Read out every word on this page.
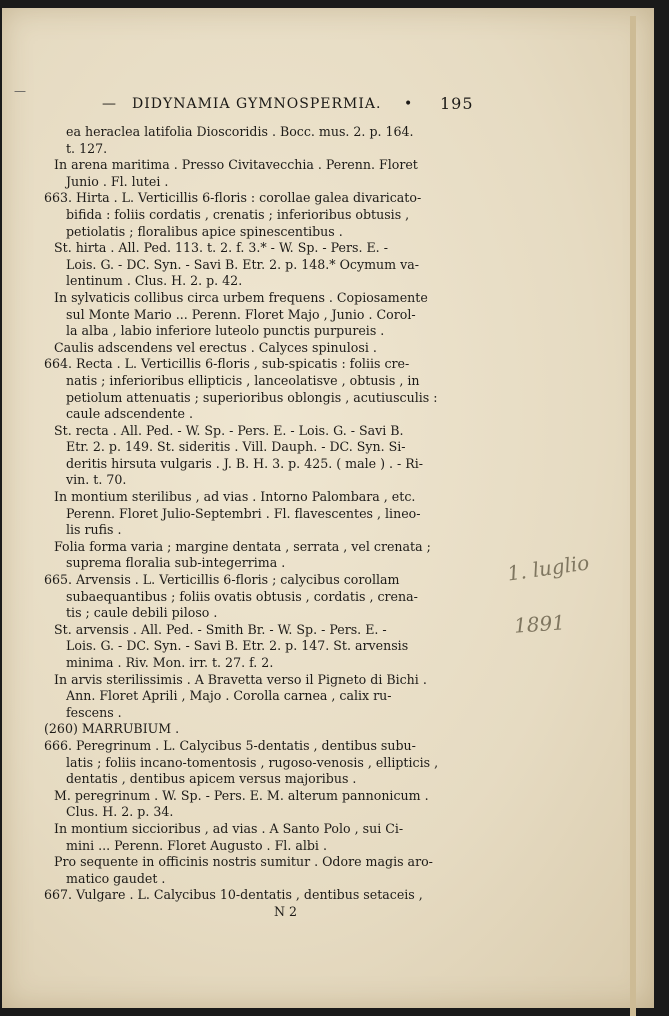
—
— DIDYNAMIA GYMNOSPERMIA. • 195
ea heraclea latifolia Dioscoridis . Bocc. mus. 2. p. 164.
t. 127.
In arena maritima . Presso Civitavecchia . Perenn. Floret
Junio . Fl. lutei .
663. Hirta . L. Verticillis 6-floris : corollae galea divaricato-
bifida : foliis cordatis , crenatis ; inferioribus obtusis ,
petiolatis ; floralibus apice spinescentibus .
St. hirta . All. Ped. 113. t. 2. f. 3.* - W. Sp. - Pers. E. -
Lois. G. - DC. Syn. - Savi B. Etr. 2. p. 148.* Ocymum va-
lentinum . Clus. H. 2. p. 42.
In sylvaticis collibus circa urbem frequens . Copiosamente
sul Monte Mario ... Perenn. Floret Majo , Junio . Corol-
la alba , labio inferiore luteolo punctis purpureis .
Caulis adscendens vel erectus . Calyces spinulosi .
664. Recta . L. Verticillis 6-floris , sub-spicatis : foliis cre-
natis ; inferioribus ellipticis , lanceolatisve , obtusis , in
petiolum attenuatis ; superioribus oblongis , acutiusculis :
caule adscendente .
St. recta . All. Ped. - W. Sp. - Pers. E. - Lois. G. - Savi B.
Etr. 2. p. 149. St. sideritis . Vill. Dauph. - DC. Syn. Si-
deritis hirsuta vulgaris . J. B. H. 3. p. 425. ( male ) . - Ri-
vin. t. 70.
In montium sterilibus , ad vias . Intorno Palombara , etc.
Perenn. Floret Julio-Septembri . Fl. flavescentes , lineo-
lis rufis .
Folia forma varia ; margine dentata , serrata , vel crenata ;
suprema floralia sub-integerrima .
665. Arvensis . L. Verticillis 6-floris ; calycibus corollam
subaequantibus ; foliis ovatis obtusis , cordatis , crena-
tis ; caule debili piloso .
St. arvensis . All. Ped. - Smith Br. - W. Sp. - Pers. E. -
Lois. G. - DC. Syn. - Savi B. Etr. 2. p. 147. St. arvensis
minima . Riv. Mon. irr. t. 27. f. 2.
In arvis sterilissimis . A Bravetta verso il Pigneto di Bichi .
Ann. Floret Aprili , Majo . Corolla carnea , calix ru-
fescens .
(260) MARRUBIUM .
666. Peregrinum . L. Calycibus 5-dentatis , dentibus subu-
latis ; foliis incano-tomentosis , rugoso-venosis , ellipticis ,
dentatis , dentibus apicem versus majoribus .
M. peregrinum . W. Sp. - Pers. E. M. alterum pannonicum .
Clus. H. 2. p. 34.
In montium siccioribus , ad vias . A Santo Polo , sui Ci-
mini ... Perenn. Floret Augusto . Fl. albi .
Pro sequente in officinis nostris sumitur . Odore magis aro-
matico gaudet .
667. Vulgare . L. Calycibus 10-dentatis , dentibus setaceis ,
N 2
1. luglio
1891
